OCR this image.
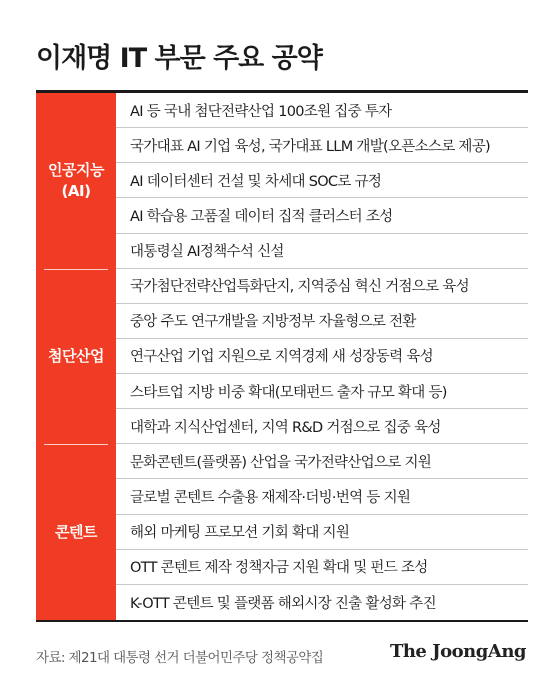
이재명 IT 부문 주요 공약
인공지능
(AI)
첨단산업
콘텐트
AI 등 국내 첨단전략산업 100조원 집중 투자
국가대표 AI 기업 육성, 국가대표 LLM 개발(오픈소스로 제공)
AI 데이터센터 건설 및 차세대 SOC로 규정
AI 학습용 고품질 데이터 집적 클러스터 조성
대통령실 AI정책수석 신설
국가첨단전략산업특화단지, 지역중심 혁신 거점으로 육성
중앙 주도 연구개발을 지방정부 자율형으로 전환
연구산업 기업 지원으로 지역경제 새 성장동력 육성
스타트업 지방 비중 확대(모태펀드 출자 규모 확대 등)
대학과 지식산업센터, 지역 R&D 거점으로 집중 육성
문화콘텐트(플랫폼) 산업을 국가전략산업으로 지원
글로벌 콘텐트 수출용 재제작·더빙·번역 등 지원
해외 마케팅 프로모션 기회 확대 지원
OTT 콘텐트 제작 정책자금 지원 확대 및 펀드 조성
K-OTT 콘텐트 및 플랫폼 해외시장 진출 활성화 추진
자료: 제21대 대통령 선거 더불어민주당 정책공약집	The JoongAng
